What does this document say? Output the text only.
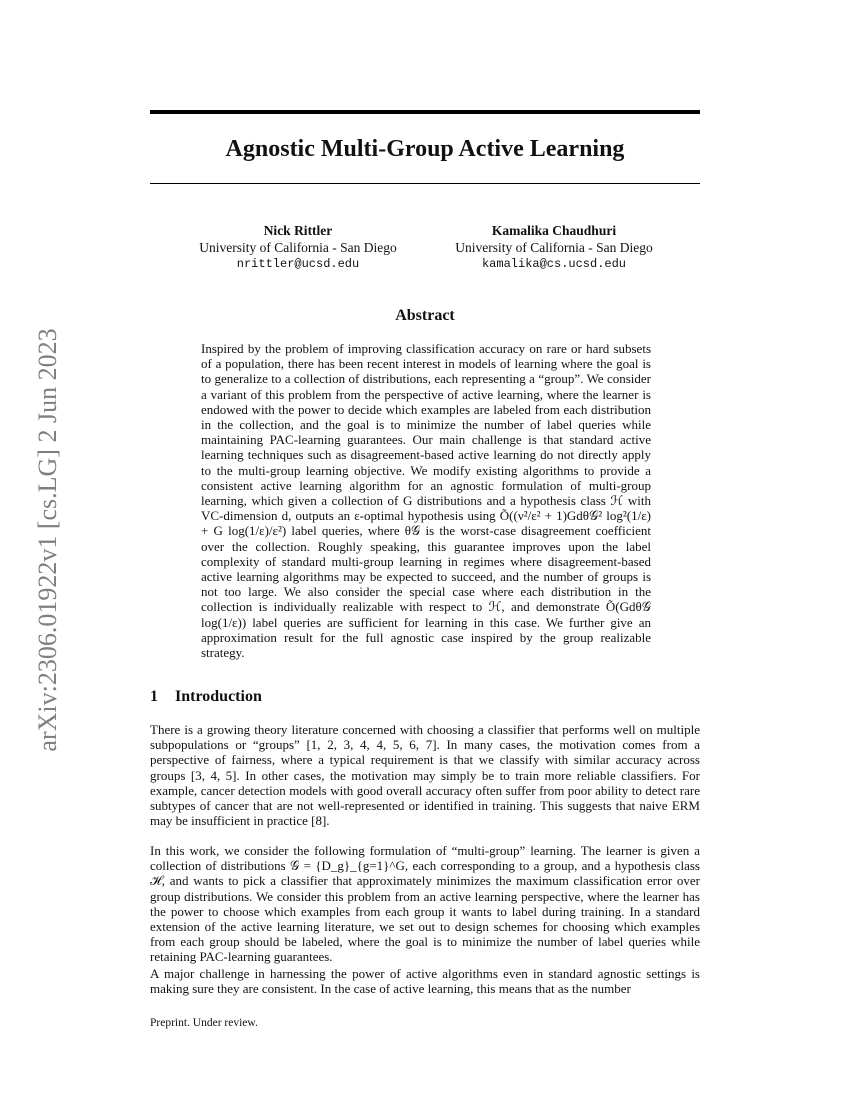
arXiv:2306.01922v1 [cs.LG] 2 Jun 2023
Agnostic Multi-Group Active Learning
Nick Rittler
University of California - San Diego
nrittler@ucsd.edu
Kamalika Chaudhuri
University of California - San Diego
kamalika@cs.ucsd.edu
Abstract
Inspired by the problem of improving classification accuracy on rare or hard subsets of a population, there has been recent interest in models of learning where the goal is to generalize to a collection of distributions, each representing a “group”. We consider a variant of this problem from the perspective of active learning, where the learner is endowed with the power to decide which examples are labeled from each distribution in the collection, and the goal is to minimize the number of label queries while maintaining PAC-learning guarantees. Our main challenge is that standard active learning techniques such as disagreement-based active learning do not directly apply to the multi-group learning objective. We modify existing algorithms to provide a consistent active learning algorithm for an agnostic formulation of multi-group learning, which given a collection of G distributions and a hypothesis class ℋ with VC-dimension d, outputs an ε-optimal hypothesis using Õ((ν²/ε² + 1)Gdθ𝒢² log²(1/ε) + G log(1/ε)/ε²) label queries, where θ𝒢 is the worst-case disagreement coefficient over the collection. Roughly speaking, this guarantee improves upon the label complexity of standard multi-group learning in regimes where disagreement-based active learning algorithms may be expected to succeed, and the number of groups is not too large. We also consider the special case where each distribution in the collection is individually realizable with respect to ℋ, and demonstrate Õ(Gdθ𝒢 log(1/ε)) label queries are sufficient for learning in this case. We further give an approximation result for the full agnostic case inspired by the group realizable strategy.
1 Introduction

There is a growing theory literature concerned with choosing a classifier that performs well on multiple subpopulations or “groups” [1, 2, 3, 4, 4, 5, 6, 7]. In many cases, the motivation comes from a perspective of fairness, where a typical requirement is that we classify with similar accuracy across groups [3, 4, 5]. In other cases, the motivation may simply be to train more reliable classifiers. For example, cancer detection models with good overall accuracy often suffer from poor ability to detect rare subtypes of cancer that are not well-represented or identified in training. This suggests that naive ERM may be insufficient in practice [8].

In this work, we consider the following formulation of “multi-group” learning. The learner is given a collection of distributions 𝒢 = {D_g}_{g=1}^G, each corresponding to a group, and a hypothesis class ℋ, and wants to pick a classifier that approximately minimizes the maximum classification error over group distributions. We consider this problem from an active learning perspective, where the learner has the power to choose which examples from each group it wants to label during training. In a standard extension of the active learning literature, we set out to design schemes for choosing which examples from each group should be labeled, where the goal is to minimize the number of label queries while retaining PAC-learning guarantees.

A major challenge in harnessing the power of active algorithms even in standard agnostic settings is making sure they are consistent. In the case of active learning, this means that as the number

Preprint. Under review.
